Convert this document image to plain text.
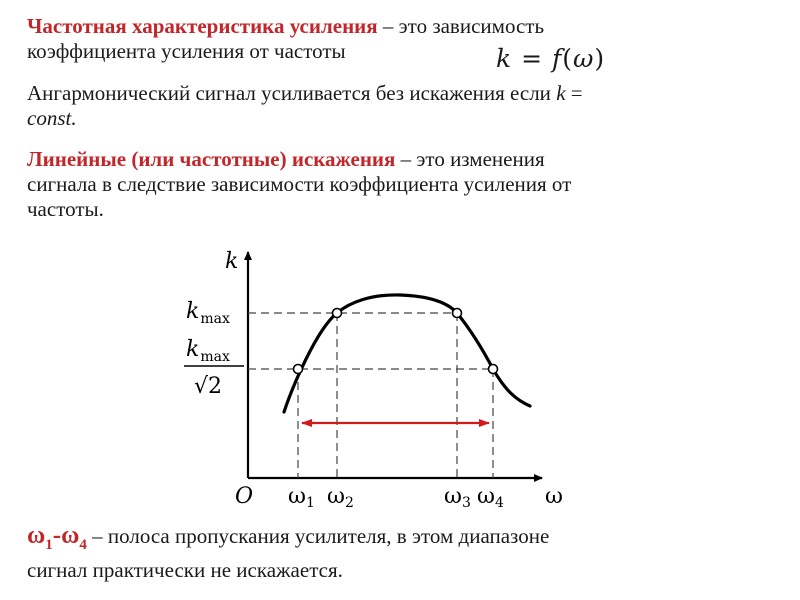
Частотная характеристика усиления – это зависимость
коэффициента усиления от частоты	k = f(ω)

Ангармонический сигнал усиливается без искажения если k =
const.

Линейные (или частотные) искажения – это изменения
сигнала в следствие зависимости коэффициента усиления от
частоты.

k
ω
O
$k_{max}$
$k_{max}$
√2
ω1 ω2	ω3 ω4

$\omega_1-\omega_4$ – полоса пропускания усилителя, в этом диапазоне
сигнал практически не искажается.
